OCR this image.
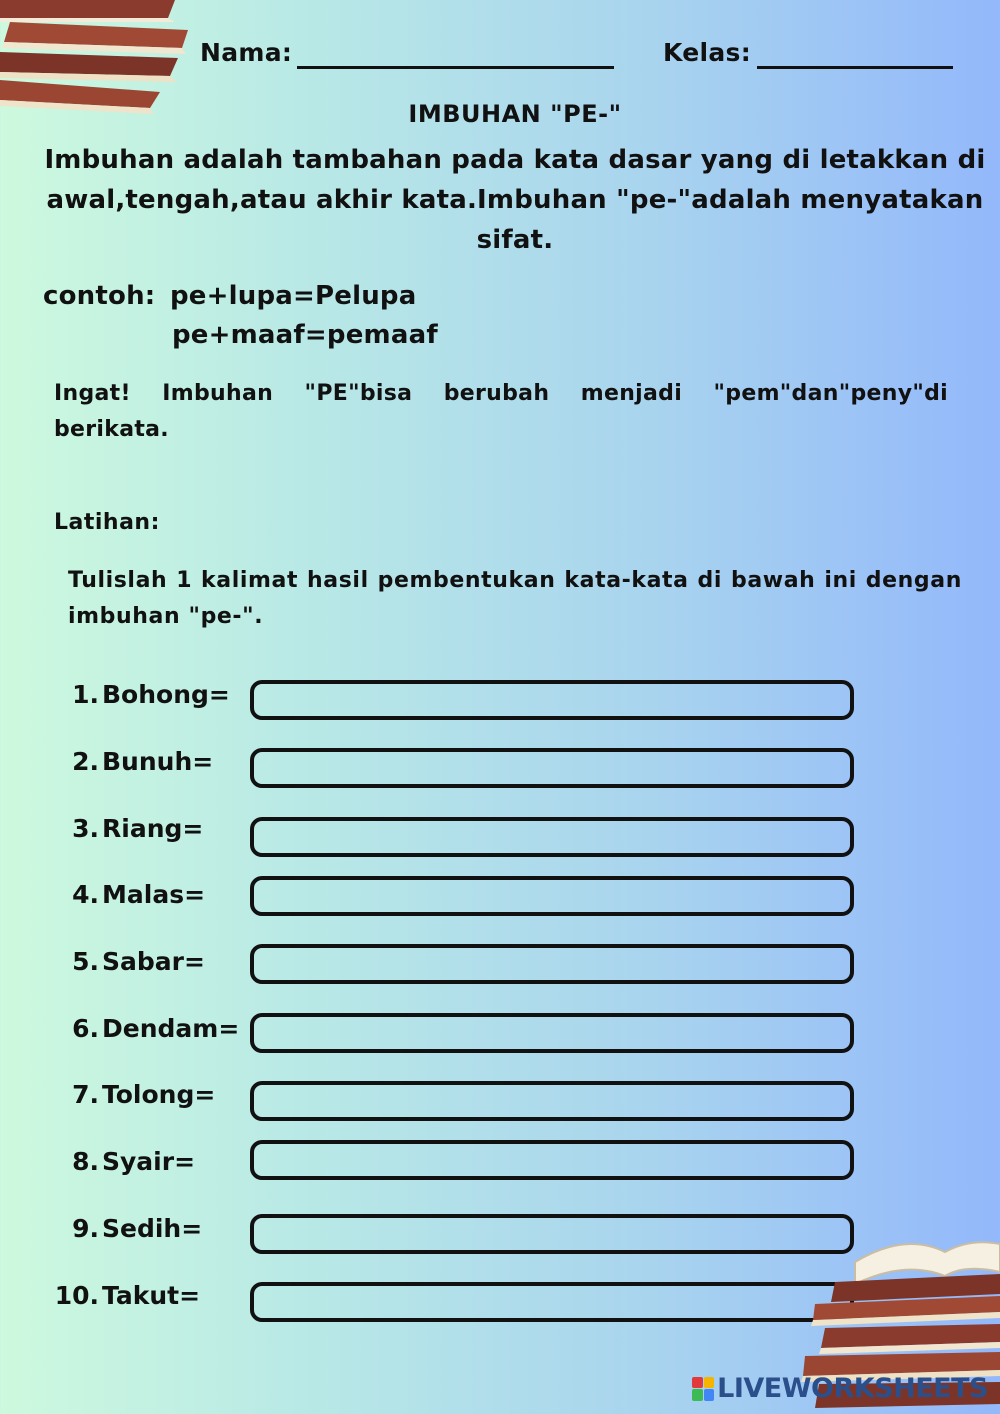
Nama:	Kelas:
IMBUHAN "PE-"
Imbuhan adalah tambahan pada kata dasar yang di letakkan di awal,tengah,atau akhir kata.Imbuhan "pe-"adalah menyatakan sifat.
contoh: pe+lupa=Pelupa
pe+maaf=pemaaf
Ingat! Imbuhan "PE"bisa berubah menjadi "pem"dan"peny"di berikata.
Latihan:
Tulislah 1 kalimat hasil pembentukan kata-kata di bawah ini dengan imbuhan "pe-".
1. Bohong=
2. Bunuh=
3. Riang=
4. Malas=
5. Sabar=
6. Dendam=
7. Tolong=
8. Syair=
9. Sedih=
10. Takut=
LIVEWORKSHEETS
